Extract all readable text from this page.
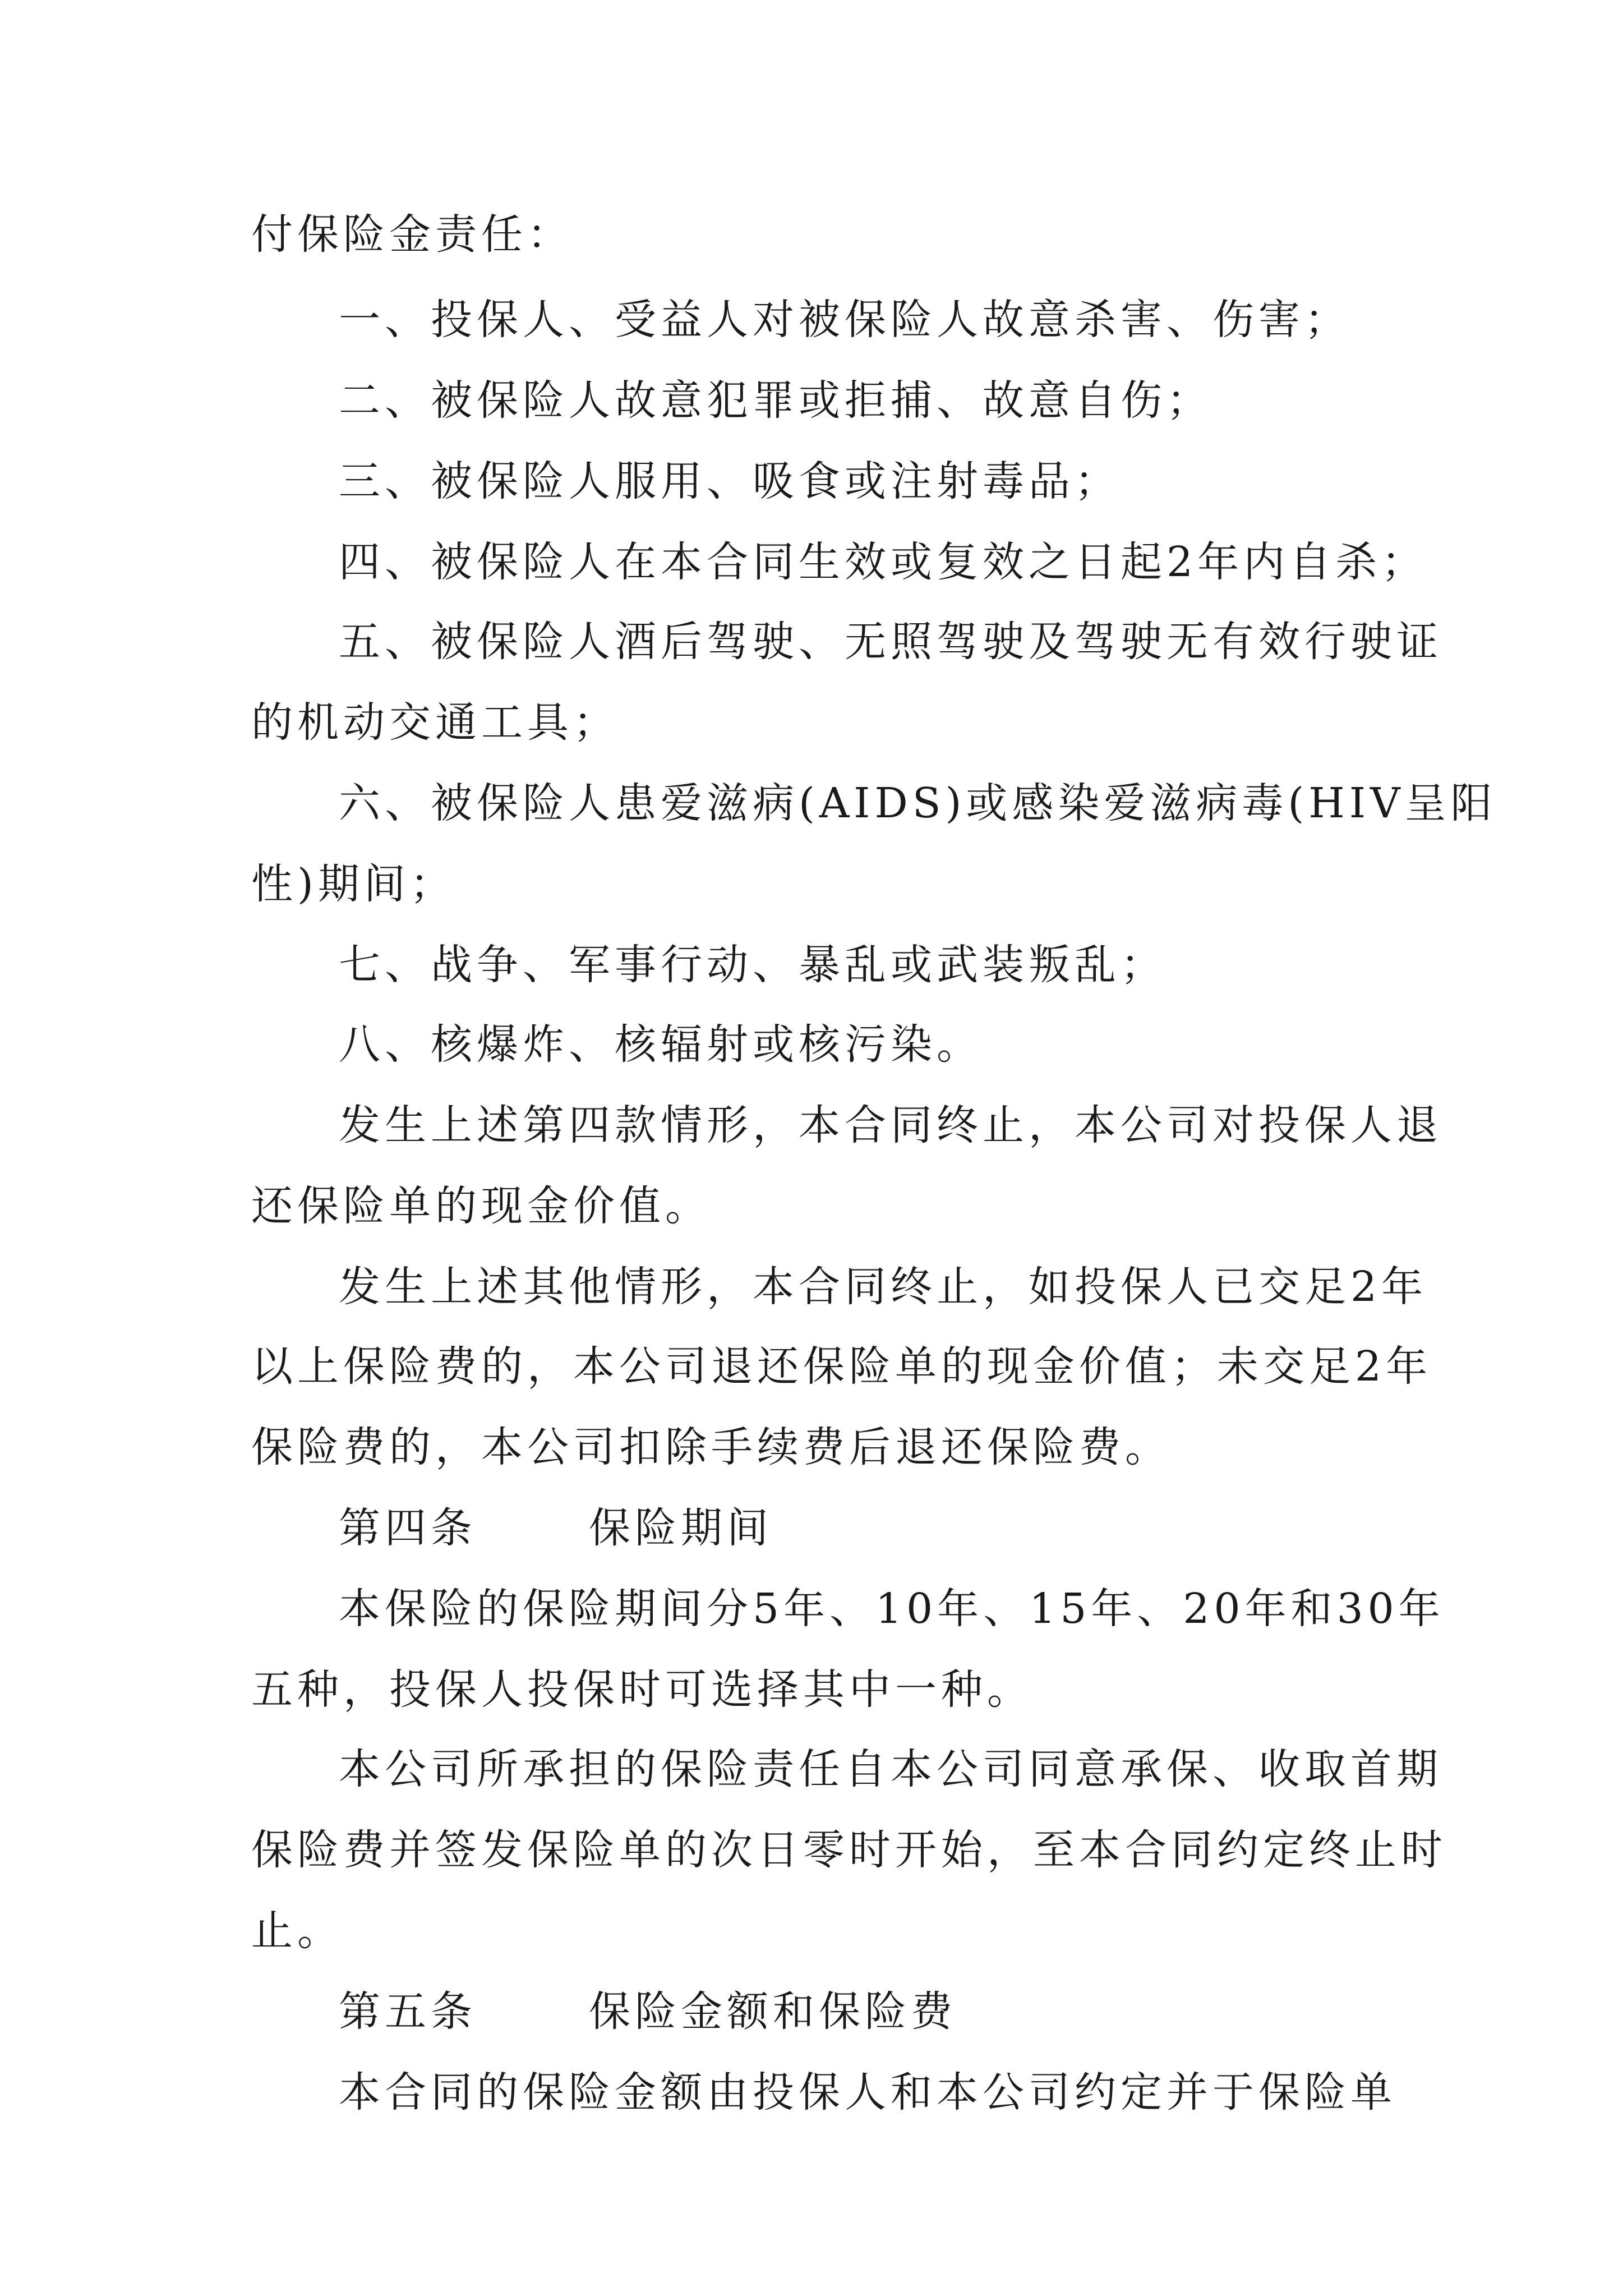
付保险金责任：
一、投保人、受益人对被保险人故意杀害、伤害；
二、被保险人故意犯罪或拒捕、故意自伤；
三、被保险人服用、吸食或注射毒品；
四、被保险人在本合同生效或复效之日起2年内自杀；
五、被保险人酒后驾驶、无照驾驶及驾驶无有效行驶证
的机动交通工具；
六、被保险人患爱滋病(AIDS)或感染爱滋病毒(HIV呈阳
性)期间；
七、战争、军事行动、暴乱或武装叛乱；
八、核爆炸、核辐射或核污染。
发生上述第四款情形，本合同终止，本公司对投保人退
还保险单的现金价值。
发生上述其他情形，本合同终止，如投保人已交足2年
以上保险费的，本公司退还保险单的现金价值；未交足2年
保险费的，本公司扣除手续费后退还保险费。
第四条	保险期间
本保险的保险期间分5年、10年、15年、20年和30年
五种，投保人投保时可选择其中一种。
本公司所承担的保险责任自本公司同意承保、收取首期
保险费并签发保险单的次日零时开始，至本合同约定终止时
止。
第五条	保险金额和保险费
本合同的保险金额由投保人和本公司约定并于保险单
